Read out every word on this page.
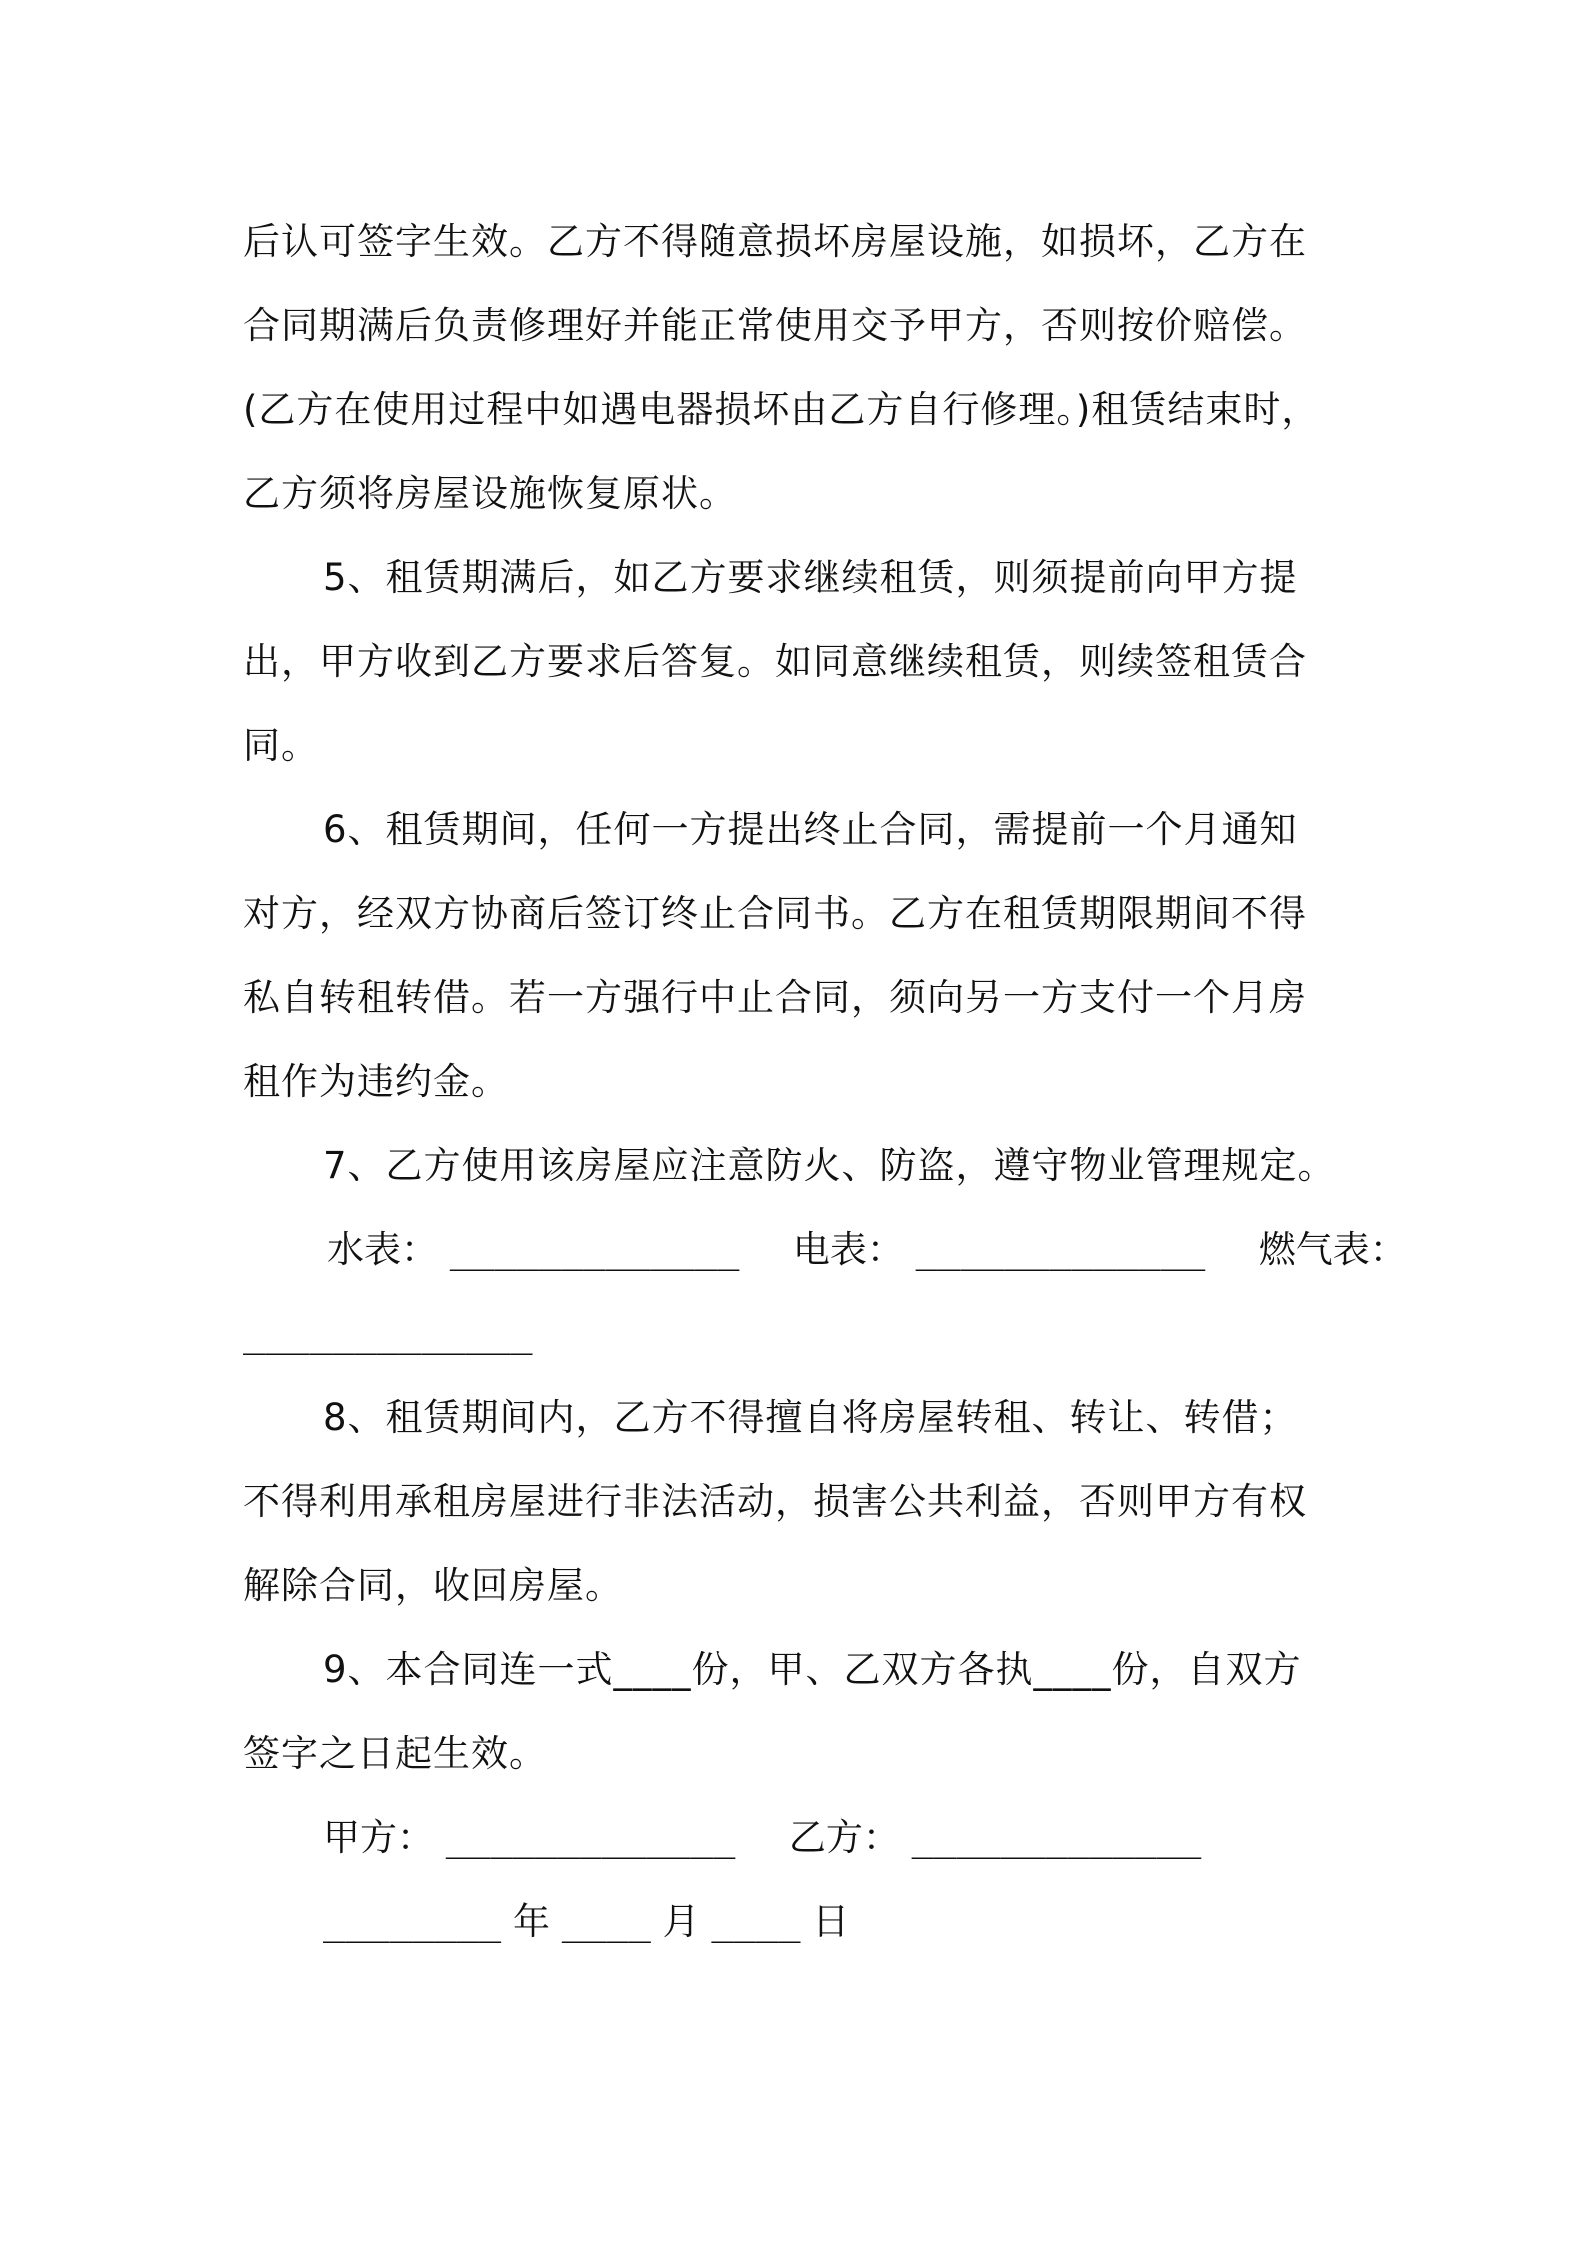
后认可签字生效。乙方不得随意损坏房屋设施，如损坏，乙方在
合同期满后负责修理好并能正常使用交予甲方，否则按价赔偿。
(乙方在使用过程中如遇电器损坏由乙方自行修理。)租赁结束时，
乙方须将房屋设施恢复原状。
5、租赁期满后，如乙方要求继续租赁，则须提前向甲方提
出，甲方收到乙方要求后答复。如同意继续租赁，则续签租赁合
同。
6、租赁期间，任何一方提出终止合同，需提前一个月通知
对方，经双方协商后签订终止合同书。乙方在租赁期限期间不得
私自转租转借。若一方强行中止合同，须向另一方支付一个月房
租作为违约金。
7、乙方使用该房屋应注意防火、防盗，遵守物业管理规定。
水表： _____________ 电表： _____________ 燃气表：
_____________
8、租赁期间内，乙方不得擅自将房屋转租、转让、转借；
不得利用承租房屋进行非法活动，损害公共利益，否则甲方有权
解除合同，收回房屋。
9、本合同连一式____份，甲、乙双方各执____份，自双方
签字之日起生效。
甲方： _____________ 乙方： _____________
________ 年 ____ 月 ____ 日
